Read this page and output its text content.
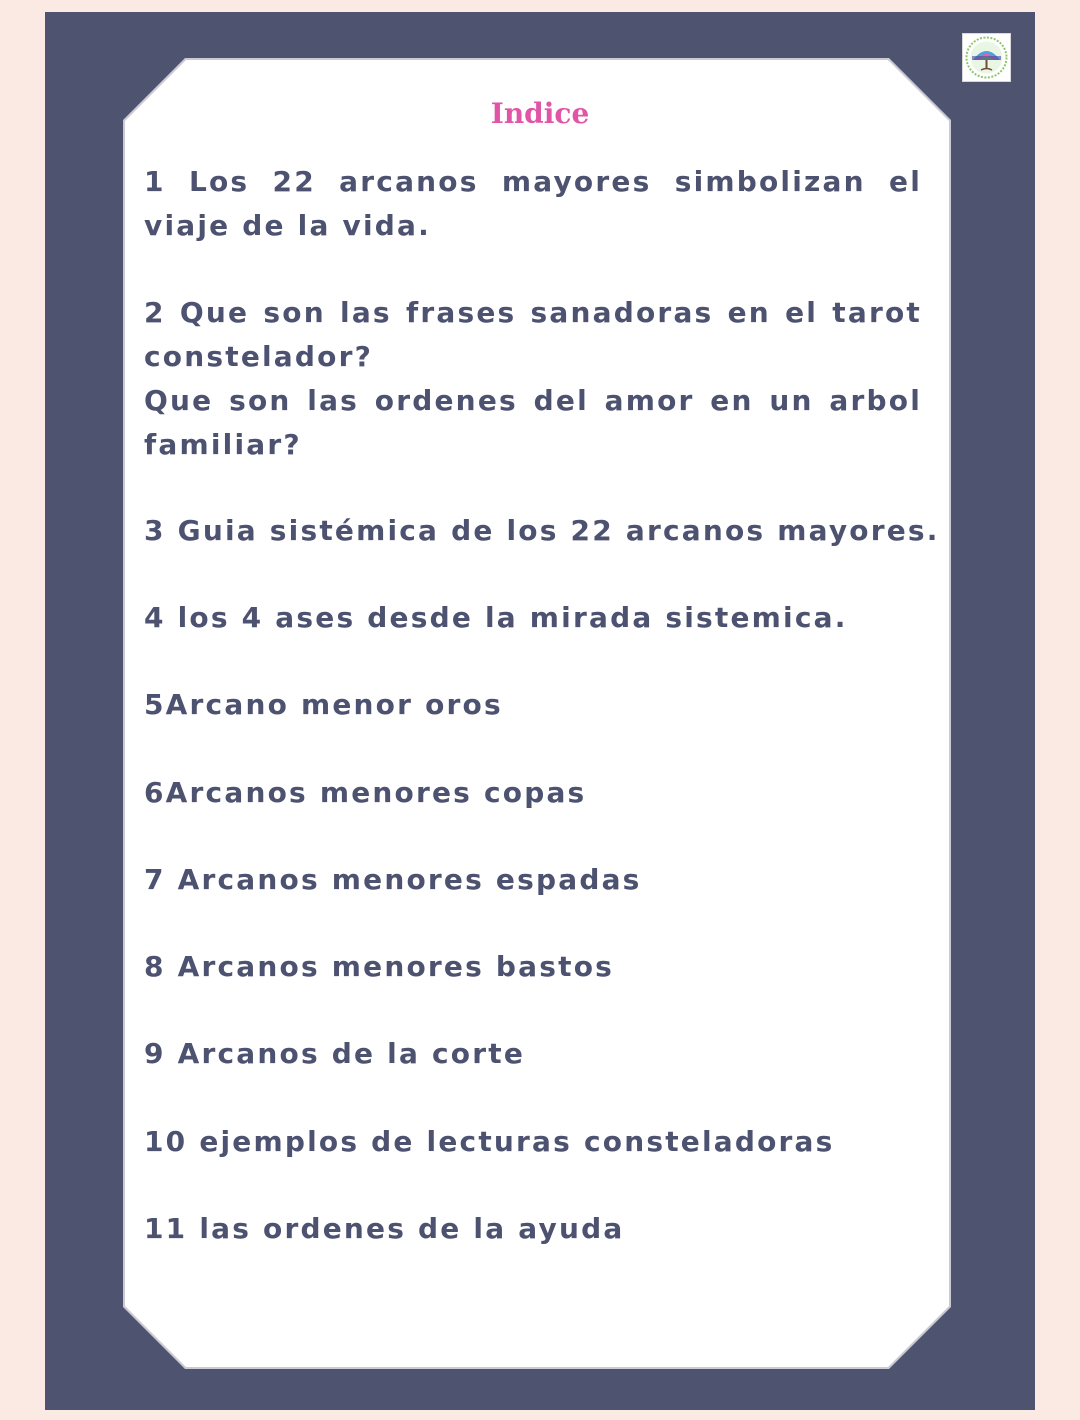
Indice

1 Los 22 arcanos mayores simbolizan el viaje de la vida.

2 Que son las frases sanadoras en el tarot constelador?
Que son las ordenes del amor en un arbol familiar?

3 Guia sistémica de los 22 arcanos mayores.

4 los 4 ases desde la mirada sistemica.

5Arcano menor oros

6Arcanos menores copas

7 Arcanos menores espadas

8 Arcanos menores bastos

9 Arcanos de la corte

10 ejemplos de lecturas consteladoras

11 las ordenes de la ayuda
